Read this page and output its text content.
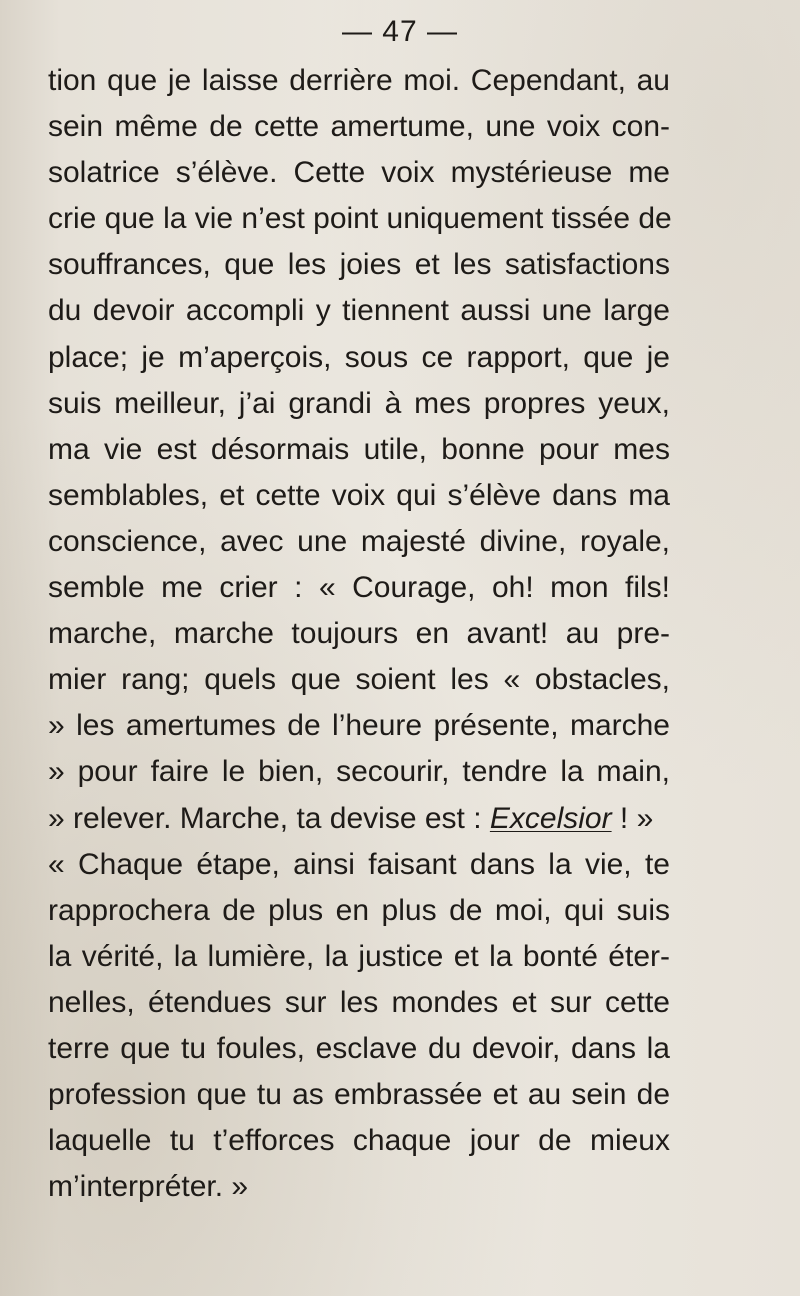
— 47 —
tion que je laisse derrière moi. Cependant, au
sein même de cette amertume, une voix con-
solatrice s’élève. Cette voix mystérieuse me
crie que la vie n’est point uniquement tissée de
souffrances, que les joies et les satisfactions
du devoir accompli y tiennent aussi une large
place; je m’aperçois, sous ce rapport, que je
suis meilleur, j’ai grandi à mes propres yeux,
ma vie est désormais utile, bonne pour mes
semblables, et cette voix qui s’élève dans ma
conscience, avec une majesté divine, royale,
semble me crier : « Courage, oh! mon fils!
marche, marche toujours en avant! au pre-
mier rang; quels que soient les « obstacles,
» les amertumes de l’heure présente, marche
» pour faire le bien, secourir, tendre la main,
» relever. Marche, ta devise est : Excelsior ! »
« Chaque étape, ainsi faisant dans la vie, te
rapprochera de plus en plus de moi, qui suis
la vérité, la lumière, la justice et la bonté éter-
nelles, étendues sur les mondes et sur cette
terre que tu foules, esclave du devoir, dans la
profession que tu as embrassée et au sein de
laquelle tu t’efforces chaque jour de mieux
m’interpréter. »
